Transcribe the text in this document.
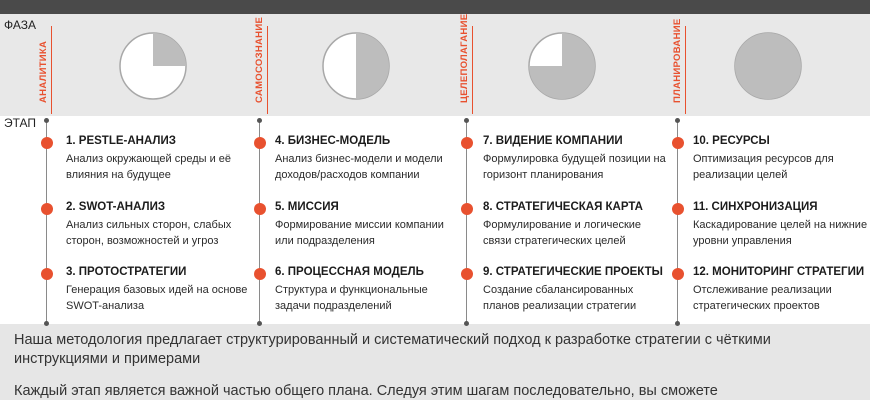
ФАЗА
ЭТАП
АНАЛИТИКА	САМОСОЗНАНИЕ	ЦЕЛЕПОЛАГАНИЕ	ПЛАНИРОВАНИЕ
1. PESTLE-АНАЛИЗ
Анализ окружающей среды и её влияния на будущее
2. SWOT-АНАЛИЗ
Анализ сильных сторон, слабых сторон, возможностей и угроз
3. ПРОТОСТРАТЕГИИ
Генерация базовых идей на основе SWOT-анализа
4. БИЗНЕС-МОДЕЛЬ
Анализ бизнес-модели и модели доходов/расходов компании
5. МИССИЯ
Формирование миссии компании или подразделения
6. ПРОЦЕССНАЯ МОДЕЛЬ
Структура и функциональные задачи подразделений
7. ВИДЕНИЕ КОМПАНИИ
Формулировка будущей позиции на горизонт планирования
8. СТРАТЕГИЧЕСКАЯ КАРТА
Формулирование и логические связи стратегических целей
9. СТРАТЕГИЧЕСКИЕ ПРОЕКТЫ
Создание сбалансированных планов реализации стратегии
10. РЕСУРСЫ
Оптимизация ресурсов для реализации целей
11. СИНХРОНИЗАЦИЯ
Каскадирование целей на нижние уровни управления
12. МОНИТОРИНГ СТРАТЕГИИ
Отслеживание реализации стратегических проектов
Наша методология предлагает структурированный и систематический подход к разработке стратегии с чёткими инструкциями и примерами
Каждый этап является важной частью общего плана. Следуя этим шагам последовательно, вы сможете
